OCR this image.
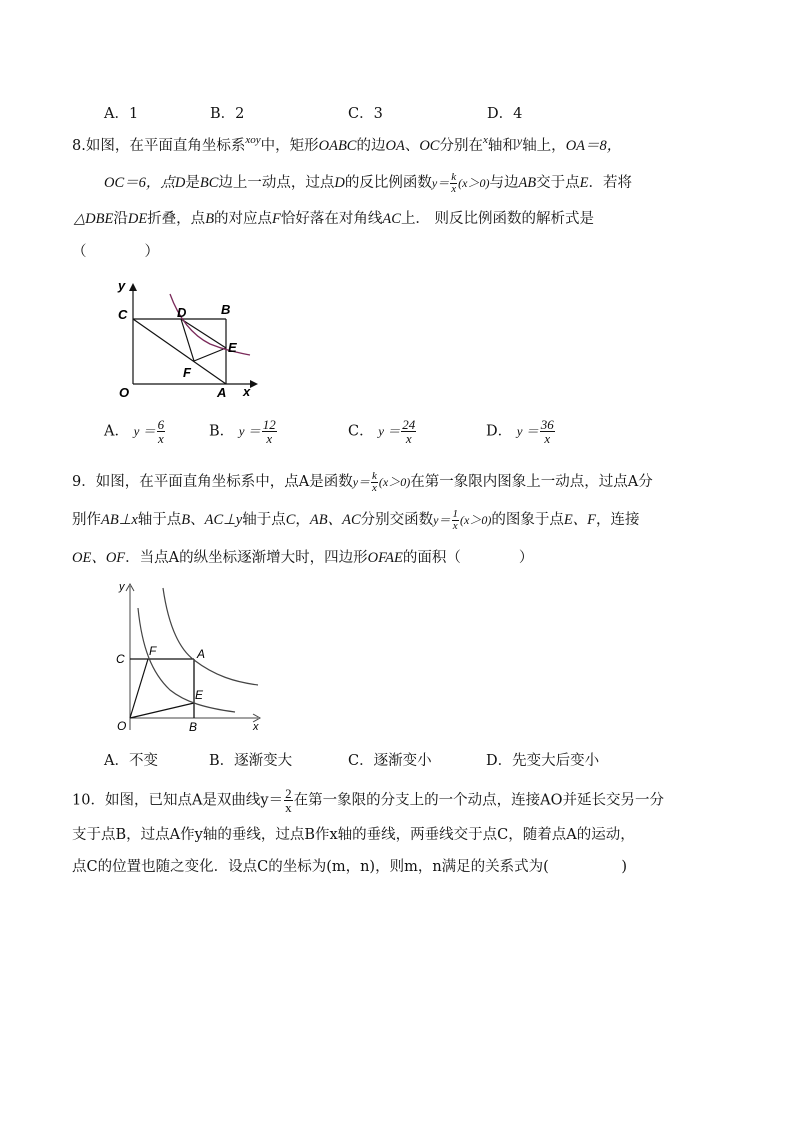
A．1	B．2	C．3	D．4
8.如图，在平面直角坐标系$^{xoy}$中，矩形OABC的边OA、OC分别在$^x$轴和$^y$轴上，OA＝8，
OC＝6，点D是BC边上一动点，过点D的反比例函数$y= \frac{k}{x} (x>0)$与边AB交于点E．若将
△DBE沿DE折叠，点B的对应点F恰好落在对角线AC上． 则反比例函数的解析式是
（　　　　）
y
C	D	B
E
F
O	A x
A． $y = \frac{6}{x}$	B． $y = \frac{12}{x}$	C． $y = \frac{24}{x}$	D． $y = \frac{36}{x}$
9．如图，在平面直角坐标系中，点A是函数$y= \frac{k}{x} (x>0)$在第一象限内图象上一动点，过点A分
别作AB⊥x轴于点B、AC⊥y轴于点C，AB、AC分别交函数$y= \frac{1}{x} (x>0)$的图象于点E、F，连接
OE、OF．当点A的纵坐标逐渐增大时，四边形OFAE的面积（　　　　）
y
C
F	A
E
O	B	x
A．不变	B．逐渐变大	C．逐渐变小	D．先变大后变小
10．如图，已知点A是双曲线$y= \frac{2}{x}$ 在第一象限的分支上的一个动点，连接AO并延长交另一分
支于点B，过点A作y轴的垂线，过点B作x轴的垂线，两垂线交于点C，随着点A的运动，
点C的位置也随之变化．设点C的坐标为(m，n)，则m，n满足的关系式为(　　　　　)
